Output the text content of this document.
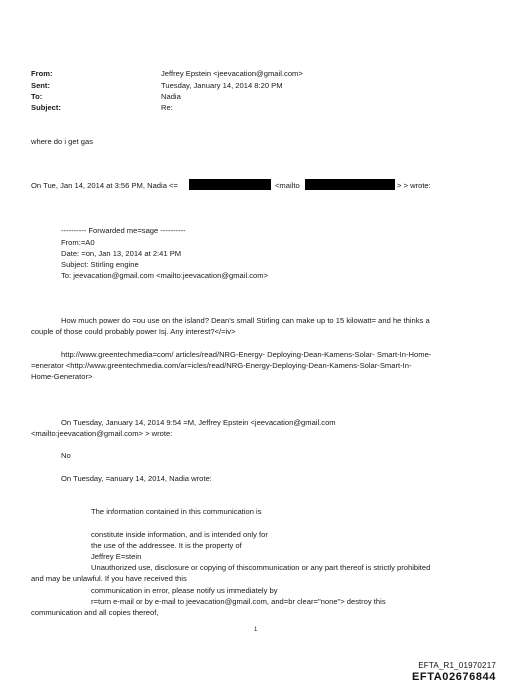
From:	Jeffrey Epstein <jeevacation@gmail.com>
Sent:	Tuesday, January 14, 2014 8:20 PM
To:	Nadia
Subject:	Re:
where do i get gas
On Tue, Jan 14, 2014 at 3:56 PM, Nadia <=	<mailto	> > wrote:
---------- Forwarded me=sage ----------
From:=A0
Date: =on, Jan 13, 2014 at 2:41 PM
Subject: Stirling engine
To: jeevacation@gmail.com <mailto:jeevacation@gmail.com>
How much power do =ou use on the island? Dean's small Stirling can make up to 15 kilowatt= and he thinks a
couple of those could probably power Isj. Any interest?</=iv>
http://www.greentechmedia=com/ articles/read/NRG-Energy- Deploying-Dean-Kamens-Solar- Smart-In-Home-
=enerator <http://www.greentechmedia.com/ar=icles/read/NRG-Energy-Deploying-Dean-Kamens-Solar-Smart-In-
Home-Generator>
On Tuesday, January 14, 2014 9:54 =M, Jeffrey Epstein <jeevacation@gmail.com
<mailto:jeevacation@gmail.com> > wrote:
No
On Tuesday, =anuary 14, 2014, Nadia wrote:
The information contained in this communication is
constitute inside information, and is intended only for
the use of the addressee. It is the property of
Jeffrey E=stein
Unauthorized use, disclosure or copying of thiscommunication or any part thereof is strictly prohibited
and may be unlawful. If you have received this
communication in error, please notify us immediately by
r=turn e-mail or by e-mail to jeevacation@gmail.com, and=br clear="none"> destroy this
communication and all copies thereof,
1
EFTA_R1_01970217
EFTA02676844
